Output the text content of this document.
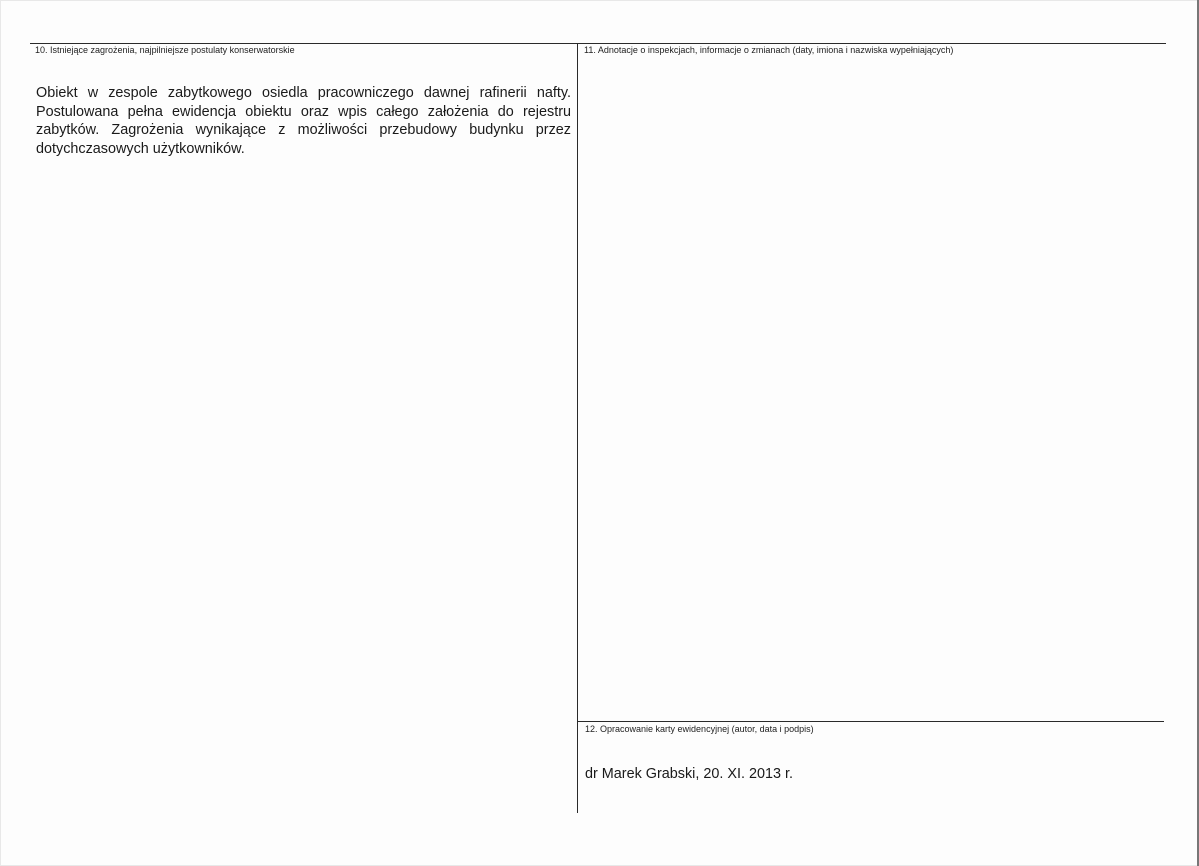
10. Istniejące zagrożenia, najpilniejsze postulaty konserwatorskie
Obiekt w zespole zabytkowego osiedla pracowniczego dawnej rafinerii nafty.
Postulowana pełna ewidencja obiektu oraz wpis całego założenia do rejestru
zabytków. Zagrożenia wynikające z możliwości przebudowy budynku przez
dotychczasowych użytkowników.
11. Adnotacje o inspekcjach, informacje o zmianach (daty, imiona i nazwiska wypełniających)
12. Opracowanie karty ewidencyjnej (autor, data i podpis)
dr Marek Grabski, 20. XI. 2013 r.
